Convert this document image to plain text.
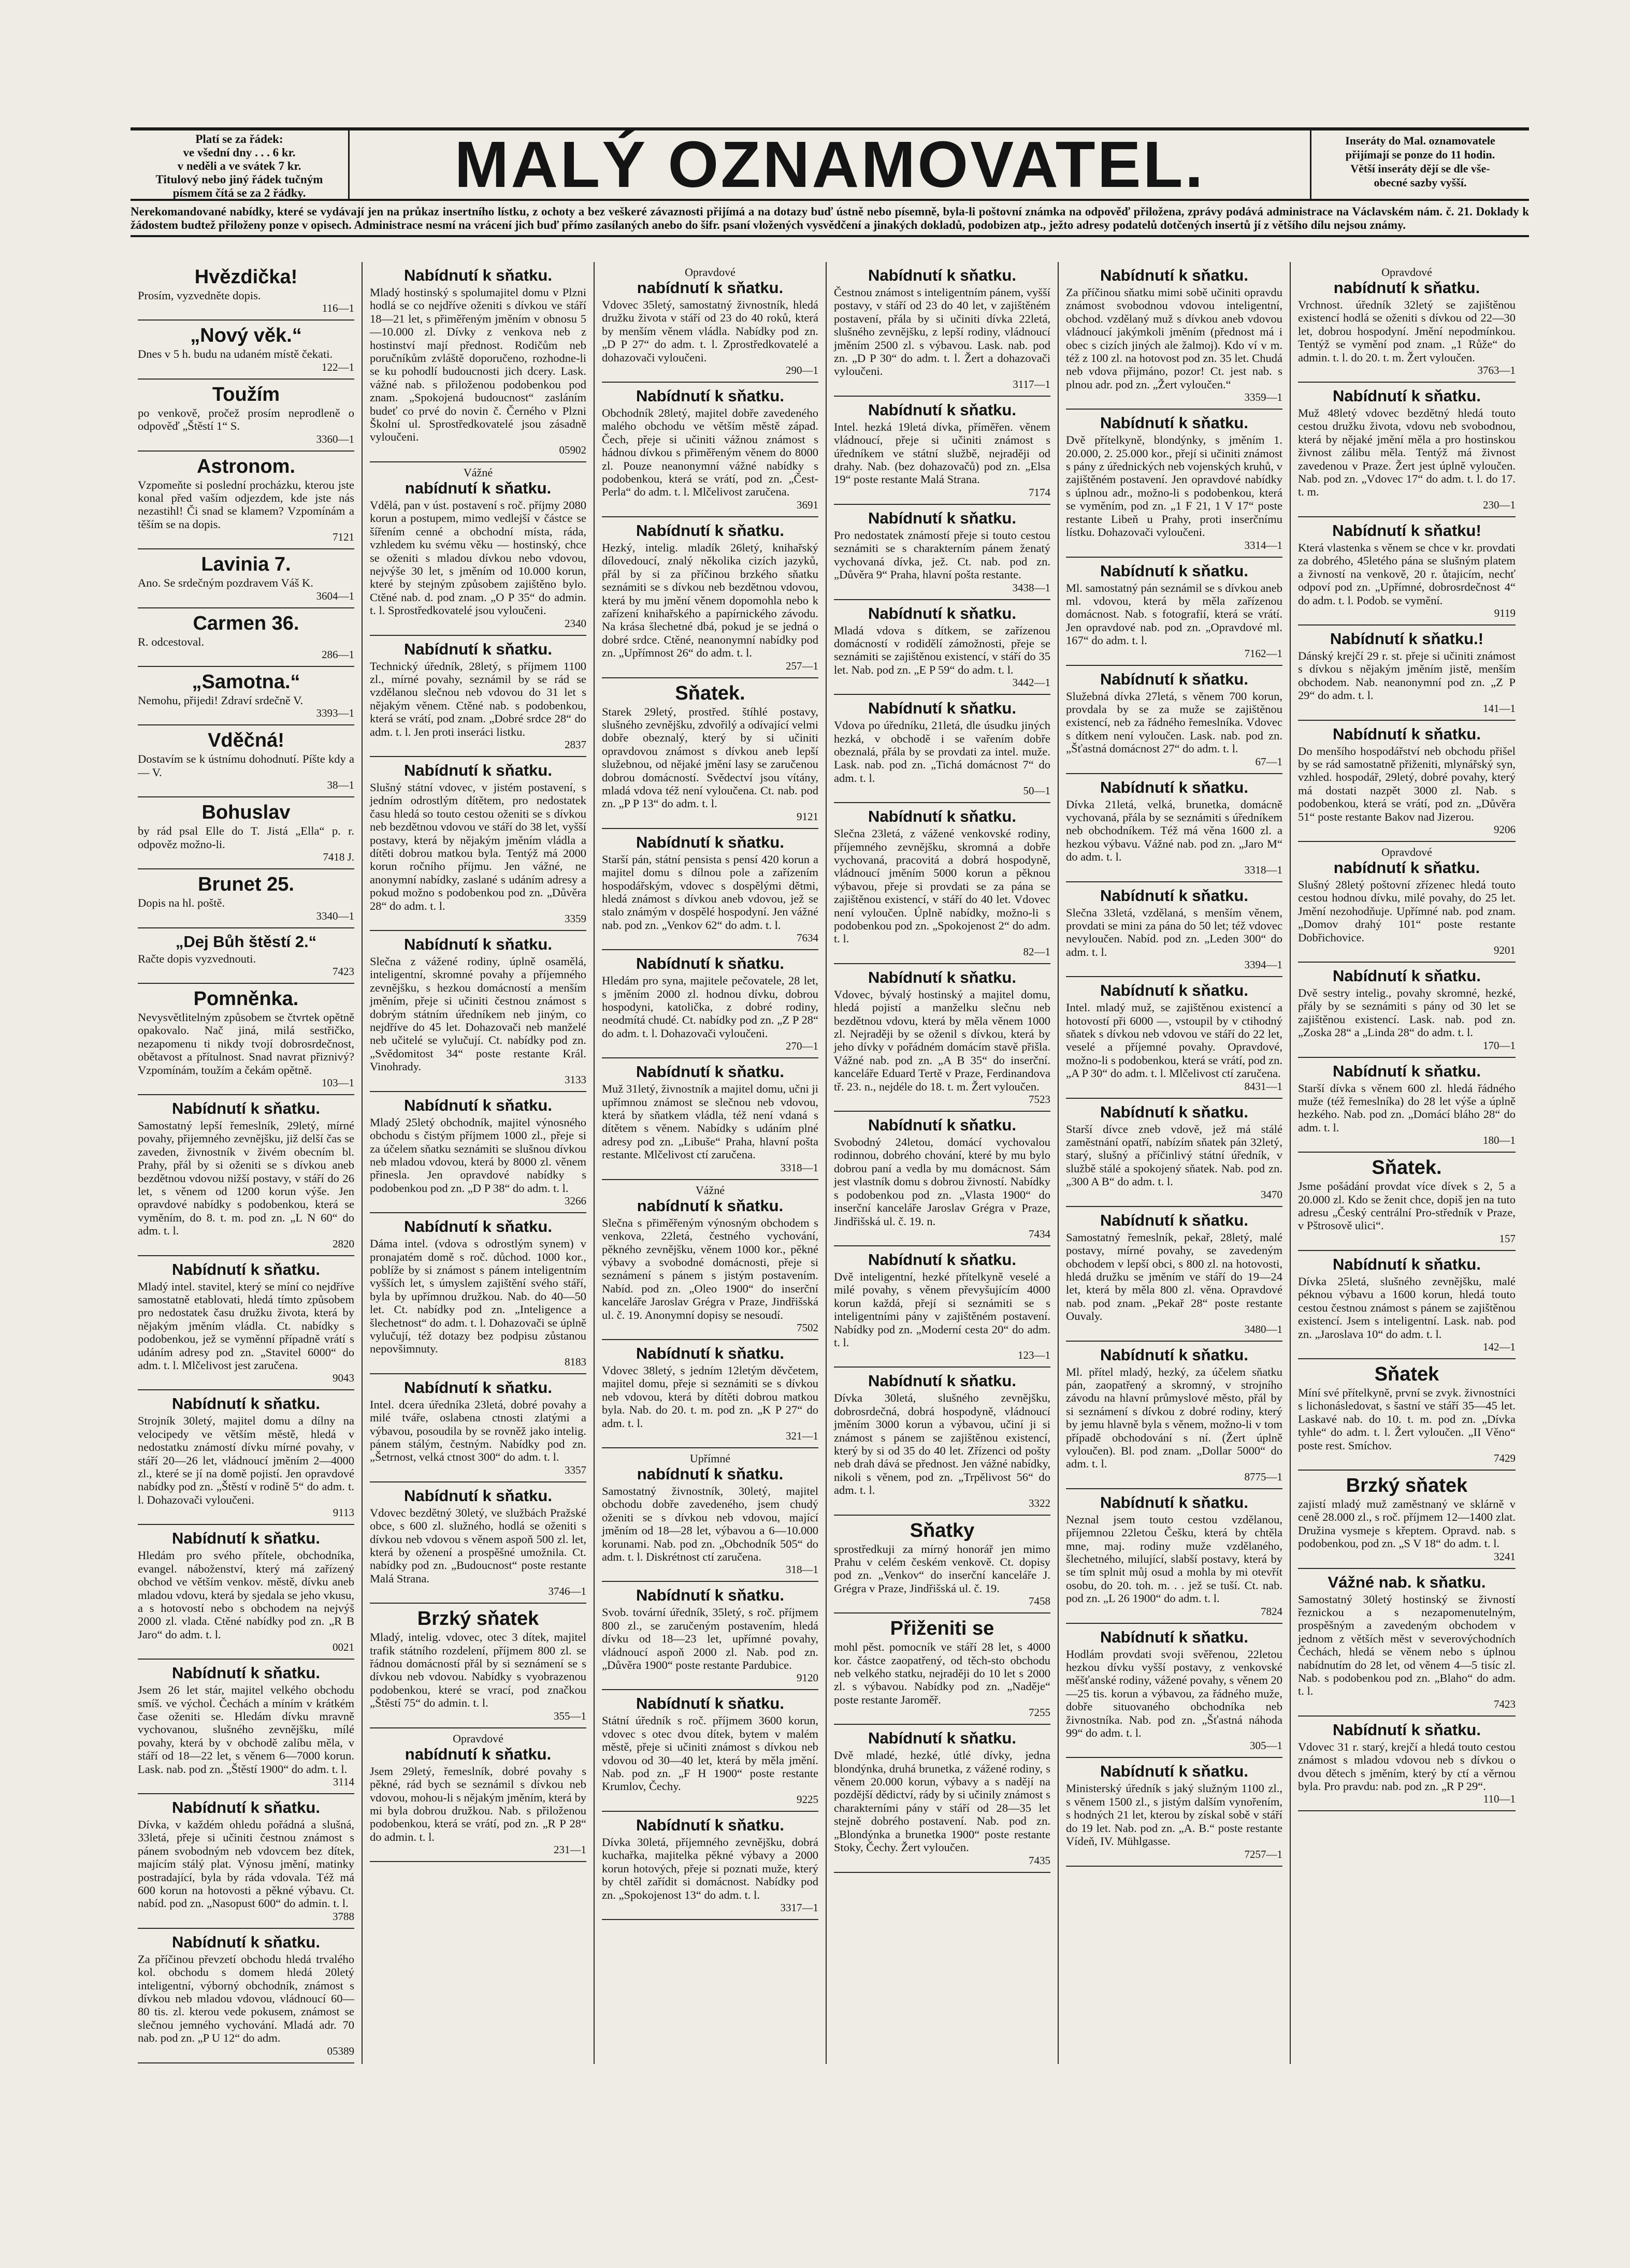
Platí se za řádek:
ve všední dny . . . 6 kr.
v neděli a ve svátek 7 kr.
Titulový nebo jiný řádek tučným
písmem čítá se za 2 řádky.	MALÝ OZNAMOVATEL.	Inseráty do Mal. oznamovatele
přijímají se ponze do 11 hodin.
Větší inseráty dějí se dle vše-
obecné sazby vyšší.
Nerekomandované nabídky, které se vydávají jen na průkaz insertního lístku, z ochoty a bez veškeré závaznosti přijímá a na dotazy buď ústně nebo písemně, byla-li poštovní známka na odpověď přiložena, zprávy podává administrace na Václavském nám. č. 21. Doklady k žádostem budtež přiloženy ponze v opisech. Administrace nesmí na vrácení jich buď přímo zasílaných anebo do šifr. psaní vložených vysvědčení a jinakých dokladů, podobizen atp., ježto adresy podatelů dotčených insertů jí z většího dílu nejsou známy.
Hvězdička!
Prosím, vyzvedněte dopis.
116—1
„Nový věk.“
Dnes v 5 h. budu na udaném místě čekati.
122—1
Toužím
po venkově, pročež prosím neprodleně o odpověď „Štěstí 1“ S.
3360—1
Astronom.
Vzpomeňte si poslední procházku, kterou jste konal před vaším odjezdem, kde jste nás nezastihl! Či snad se klamem? Vzpomínám a těším se na dopis.
7121
Lavinia 7.
Ano. Se srdečným pozdravem Váš K.
3604—1
Carmen 36.
R. odcestoval.
286—1
„Samotna.“
Nemohu, přijedi! Zdraví srdečně V.
3393—1
Vděčná!
Dostavím se k ústnímu dohodnutí. Píšte kdy a — V.
38—1
Bohuslav
by rád psal Elle do T. Jistá „Ella“ p. r. odpověz možno-li.
7418 J.
Brunet 25.
Dopis na hl. poště.
3340—1
„Dej Bůh štěstí 2.“
Račte dopis vyzvednouti.
7423
Pomněnka.
Nevysvětlitelným způsobem se čtvrtek opětně opakovalo. Nač jiná, milá sestřičko, nezapomenu ti nikdy tvojí dobrosrdečnost, obětavost a přítulnost. Snad navrat přiznivý? Vzpomínám, toužím a čekám opětně.
103—1
Nabídnutí k sňatku.
Samostatný lepší řemeslník, 29letý, mírné povahy, přijemného zevnějšku, již delší čas se zaveden, živnostník v živém obecním bl. Prahy, přál by si oženiti se s dívkou aneb bezdětnou vdovou nižší postavy, v stáří do 26 let, s věnem od 1200 korun výše. Jen opravdové nabídky s podobenkou, která se vyměním, do 8. t. m. pod zn. „L N 60“ do adm. t. l.
2820
Nabídnutí k sňatku.
Mladý intel. stavitel, který se míní co nejdříve samostatně etablovati, hledá tímto způsobem pro nedostatek času družku života, která by nějakým jměním vládla. Ct. nabídky s podobenkou, jež se vyměnní případně vrátí s udáním adresy pod zn. „Stavitel 6000“ do adm. t. l. Mlčelivost jest zaručena.
9043
Nabídnutí k sňatku.
Strojník 30letý, majitel domu a dílny na velocipedy ve větším městě, hledá v nedostatku známostí dívku mírné povahy, v stáří 20—26 let, vládnoucí jměním 2—4000 zl., které se jí na domě pojistí. Jen opravdové nabídky pod zn. „Štěstí v rodině 5“ do adm. t. l. Dohazovači vyloučeni.
9113
Nabídnutí k sňatku.
Hledám pro svého přítele, obchodníka, evangel. náboženství, který má zařízený obchod ve větším venkov. městě, dívku aneb mladou vdovu, která by sjedala se jeho vkusu, a s hotovostí nebo s obchodem na nejvýš 2000 zl. vlada. Ctěné nabídky pod zn. „R B Jaro“ do adm. t. l.
0021
Nabídnutí k sňatku.
Jsem 26 let stár, majitel velkého obchodu smíš. ve výchol. Čechách a míním v krátkém čase oženiti se. Hledám dívku mravně vychovanou, slušného zevnějšku, mílé povahy, která by v obchodě zalíbu měla, v stáří od 18—22 let, s věnem 6—7000 korun. Lask. nab. pod zn. „Štěstí 1900“ do adm. t. l.
3114
Nabídnutí k sňatku.
Dívka, v každém ohledu pořádná a slušná, 33letá, přeje si učiniti čestnou známost s pánem svobodným neb vdovcem bez dítek, majícím stálý plat. Výnosu jmění, matinky postradající, byla by ráda vdovala. Též má 600 korun na hotovosti a pěkné výbavu. Ct. nabíd. pod zn. „Nasopust 600“ do admin. t. l.
3788
Nabídnutí k sňatku.
Za příčinou převzetí obchodu hledá trvalého kol. obchodu s domem hledá 20letý inteligentní, výborný obchodník, známost s dívkou neb mladou vdovou, vládnoucí 60—80 tis. zl. kterou vede pokusem, známost se slečnou jemného vychování. Mladá adr. 70 nab. pod zn. „P U 12“ do adm.
05389
Nabídnutí k sňatku.
Mladý hostinský s spolumajitel domu v Plzni hodlá se co nejdříve oženiti s dívkou ve stáří 18—21 let, s přiměřeným jměním v obnosu 5—10.000 zl. Dívky z venkova neb z hostinství mají přednost. Rodičům neb poručníkům zvláště doporučeno, rozhodne-li se ku pohodlí budoucnosti jich dcery. Lask. vážné nab. s přiloženou podobenkou pod znam. „Spokojená budoucnost“ zasláním budeť co prvé do novin č. Černého v Plzni Školní ul. Sprostředkovatelé jsou zásadně vyloučeni.
05902
Vážné
nabídnutí k sňatku.
Vdělá, pan v úst. postavení s roč. příjmy 2080 korun a postupem, mimo vedlejší v částce se šířením cenné a obchodní místa, ráda, vzhledem ku svému věku — hostinský, chce se oženiti s mladou dívkou nebo vdovou, nejvýše 30 let, s jměním od 10.000 korun, které by stejným způsobem zajištěno bylo. Ctěné nab. d. pod znam. „O P 35“ do admin. t. l. Sprostředkovatelé jsou vyloučeni.
2340
Nabídnutí k sňatku.
Technický úředník, 28letý, s příjmem 1100 zl., mírné povahy, seznámil by se rád se vzdělanou slečnou neb vdovou do 31 let s nějakým věnem. Ctěné nab. s podobenkou, která se vrátí, pod znam. „Dobré srdce 28“ do adm. t. l. Jen proti inseráci listku.
2837
Nabídnutí k sňatku.
Slušný státní vdovec, v jistém postavení, s jedním odrostlým dítětem, pro nedostatek času hledá so touto cestou oženiti se s dívkou neb bezdětnou vdovou ve stáří do 38 let, vyšší postavy, která by nějakým jměním vládla a dítěti dobrou matkou byla. Tentýž má 2000 korun ročního příjmu. Jen vážné, ne anonymní nabídky, zaslané s udáním adresy a pokud možno s podobenkou pod zn. „Důvěra 28“ do adm. t. l.
3359
Nabídnutí k sňatku.
Slečna z vážené rodiny, úplně osamělá, inteligentní, skromné povahy a příjemného zevnějšku, s hezkou domácností a menším jměním, přeje si učiniti čestnou známost s dobrým státním úředníkem neb jiným, co nejdříve do 45 let. Dohazovači neb manželé neb učitelé se vylučují. Ct. nabídky pod zn. „Svědomitost 34“ poste restante Král. Vinohrady.
3133
Nabídnutí k sňatku.
Mladý 25letý obchodník, majitel výnosného obchodu s čistým příjmem 1000 zl., přeje si za účelem sňatku seznámiti se slušnou dívkou neb mladou vdovou, která by 8000 zl. věnem přinesla. Jen opravdové nabídky s podobenkou pod zn. „D P 38“ do adm. t. l.
3266
Nabídnutí k sňatku.
Dáma intel. (vdova s odrostlým synem) v pronajatém domě s roč. důchod. 1000 kor., poblíže by si známost s pánem inteligentním vyšších let, s úmyslem zajištění svého stáří, byla by upřímnou družkou. Nab. do 40—50 let. Ct. nabídky pod zn. „Inteligence a šlechetnost“ do adm. t. l. Dohazovači se úplně vylučují, též dotazy bez podpisu zůstanou nepovšimnuty.
8183
Nabídnutí k sňatku.
Intel. dcera úředníka 23letá, dobré povahy a milé tváře, oslabena ctnosti zlatými a výbavou, posoudila by se rovněž jako intelig. pánem stálým, čestným. Nabídky pod zn. „Šetrnost, velká ctnost 300“ do adm. t. l.
3357
Nabídnutí k sňatku.
Vdovec bezdětný 30letý, ve službách Pražské obce, s 600 zl. služného, hodlá se oženiti s dívkou neb vdovou s věnem aspoň 500 zl. let, která by oženení a prospěšné umožnila. Ct. nabídky pod zn. „Budoucnost“ poste restante Malá Strana.
3746—1
Brzký sňatek
Mladý, intelig. vdovec, otec 3 dítek, majitel trafik státního rozdelení, příjmem 800 zl. se řádnou domácností přál by si seznámení se s dívkou neb vdovou. Nabídky s vyobrazenou podobenkou, které se vrací, pod značkou „Štěstí 75“ do admin. t. l.
355—1
Opravdové
nabídnutí k sňatku.
Jsem 29letý, řemeslník, dobré povahy s pěkné, rád bych se seznámil s dívkou neb vdovou, mohou-li s nějakým jměním, která by mi byla dobrou družkou. Nab. s přiloženou podobenkou, která se vrátí, pod zn. „R P 28“ do admin. t. l.
231—1
Opravdové
nabídnutí k sňatku.
Vdovec 35letý, samostatný živnostník, hledá družku života v stáří od 23 do 40 roků, která by menším věnem vládla. Nabídky pod zn. „D P 27“ do adm. t. l. Zprostředkovatelé a dohazovači vyloučeni.
290—1
Nabídnutí k sňatku.
Obchodník 28letý, majitel dobře zavedeného malého obchodu ve větším městě západ. Čech, přeje si učiniti vážnou známost s hádnou dívkou s přiměřeným věnem do 8000 zl. Pouze neanonymní vážné nabídky s podobenkou, která se vrátí, pod zn. „Čest-Perla“ do adm. t. l. Mlčelivost zaručena.
3691
Nabídnutí k sňatku.
Hezký, intelig. mladík 26letý, knihařský dílovedoucí, znalý několika cizích jazyků, přál by si za příčinou brzkého sňatku seznámiti se s dívkou neb bezdětnou vdovou, která by mu jmění věnem dopomohla nebo k zařízení knihařského a papírnického závodu. Na krása šlechetné dbá, pokud je se jedná o dobré srdce. Ctěné, neanonymní nabídky pod zn. „Upřímnost 26“ do adm. t. l.
257—1
Sňatek.
Starek 29letý, prostřed. štíhlé postavy, slušného zevnějšku, zdvořilý a odívající velmi dobře obeznalý, který by si učiniti opravdovou známost s dívkou aneb lepší služebnou, od nějaké jmění lasy se zaručenou dobrou domácností. Svědectví jsou vítány, mladá vdova též není vyloučena. Ct. nab. pod zn. „P P 13“ do adm. t. l.
9121
Nabídnutí k sňatku.
Starší pán, státní pensista s pensí 420 korun a majitel domu s dílnou pole a zařízením hospodářským, vdovec s dospělými dětmi, hledá známost s dívkou aneb vdovou, jež se stalo známým v dospělé hospodyní. Jen vážné nab. pod zn. „Venkov 62“ do adm. t. l.
7634
Nabídnutí k sňatku.
Hledám pro syna, majitele pečovatele, 28 let, s jměním 2000 zl. hodnou dívku, dobrou hospodyni, katolička, z dobré rodiny, neodmítá chudé. Ct. nabídky pod zn. „Z P 28“ do adm. t. l. Dohazovači vyloučeni.
270—1
Nabídnutí k sňatku.
Muž 31letý, živnostník a majitel domu, učni ji upřímnou známost se slečnou neb vdovou, která by sňatkem vládla, též není vdaná s dítětem s věnem. Nabídky s udáním plné adresy pod zn. „Libuše“ Praha, hlavní pošta restante. Mlčelivost ctí zaručena.
3318—1
Vážné
nabídnutí k sňatku.
Slečna s přiměřeným výnosným obchodem s venkova, 22letá, čestného vychování, pěkného zevnějšku, věnem 1000 kor., pěkné výbavy a svobodné domácnosti, přeje si seznámení s pánem s jistým postavením. Nabíd. pod zn. „Oleo 1900“ do inserční kanceláře Jaroslav Grégra v Praze, Jindřišská ul. č. 19. Anonymní dopisy se nesoudí.
7502
Nabídnutí k sňatku.
Vdovec 38letý, s jedním 12letým děvčetem, majitel domu, přeje si seznámiti se s dívkou neb vdovou, která by dítěti dobrou matkou byla. Nab. do 20. t. m. pod zn. „K P 27“ do adm. t. l.
321—1
Upřímné
nabídnutí k sňatku.
Samostatný živnostník, 30letý, majitel obchodu dobře zavedeného, jsem chudý oženiti se s dívkou neb vdovou, mající jměním od 18—28 let, výbavou a 6—10.000 korunami. Nab. pod zn. „Obchodník 505“ do adm. t. l. Diskrétnost ctí zaručena.
318—1
Nabídnutí k sňatku.
Svob. tovární úředník, 35letý, s roč. příjmem 800 zl., se zaručeným postavením, hledá dívku od 18—23 let, upřímné povahy, vládnoucí aspoň 2000 zl. Nab. pod zn. „Důvěra 1900“ poste restante Pardubice.
9120
Nabídnutí k sňatku.
Státní úředník s roč. příjmem 3600 korun, vdovec s otec dvou dítek, bytem v malém městě, přeje si učiniti známost s dívkou neb vdovou od 30—40 let, která by měla jmění. Nab. pod zn. „F H 1900“ poste restante Krumlov, Čechy.
9225
Nabídnutí k sňatku.
Dívka 30letá, příjemného zevnějšku, dobrá kuchařka, majitelka pěkné výbavy a 2000 korun hotových, přeje si poznati muže, který by chtěl zařídit si domácnost. Nabídky pod zn. „Spokojenost 13“ do adm. t. l.
3317—1
Nabídnutí k sňatku.
Čestnou známost s inteligentním pánem, vyšší postavy, v stáří od 23 do 40 let, v zajištěném postavení, přála by si učiniti dívka 22letá, slušného zevnějšku, z lepší rodiny, vládnoucí jměním 2500 zl. s výbavou. Lask. nab. pod zn. „D P 30“ do adm. t. l. Žert a dohazovači vyloučeni.
3117—1
Nabídnutí k sňatku.
Intel. hezká 19letá dívka, příměřen. věnem vládnoucí, přeje si učiniti známost s úředníkem ve státní službě, nejraději od drahy. Nab. (bez dohazovačů) pod zn. „Elsa 19“ poste restante Malá Strana.
7174
Nabídnutí k sňatku.
Pro nedostatek známostí přeje si touto cestou seznámiti se s charakterním pánem ženatý vychovaná dívka, jež. Ct. nab. pod zn. „Důvěra 9“ Praha, hlavní pošta restante.
3438—1
Nabídnutí k sňatku.
Mladá vdova s dítkem, se zařízenou domácností v rodidělí zámožnosti, přeje se seznámiti se zajištěnou existencí, v stáří do 35 let. Nab. pod zn. „E P 59“ do adm. t. l.
3442—1
Nabídnutí k sňatku.
Vdova po úředníku, 21letá, dle úsudku jiných hezká, v obchodě i se vařením dobře obeznalá, přála by se provdati za intel. muže. Lask. nab. pod zn. „Tichá domácnost 7“ do adm. t. l.
50—1
Nabídnutí k sňatku.
Slečna 23letá, z vážené venkovské rodiny, příjemného zevnějšku, skromná a dobře vychovaná, pracovitá a dobrá hospodyně, vládnoucí jměním 5000 korun a pěknou výbavou, přeje si provdati se za pána se zajištěnou existencí, v stáří do 40 let. Vdovec není vyloučen. Úplně nabídky, možno-li s podobenkou pod zn. „Spokojenost 2“ do adm. t. l.
82—1
Nabídnutí k sňatku.
Vdovec, bývalý hostinský a majitel domu, hledá pojistí a manželku slečnu neb bezdětnou vdovu, která by měla věnem 1000 zl. Nejraději by se oženil s dívkou, která by jeho dívky v pořádném domácím stavě přišla. Vážné nab. pod zn. „A B 35“ do inserční. kanceláře Eduard Tertě v Praze, Ferdinandova tř. 23. n., nejdéle do 18. t. m. Žert vyloučen.
7523
Nabídnutí k sňatku.
Svobodný 24letou, domácí vychovalou rodinnou, dobrého chování, které by mu bylo dobrou paní a vedla by mu domácnost. Sám jest vlastník domu s dobrou živností. Nabídky s podobenkou pod zn. „Vlasta 1900“ do inserční kanceláře Jaroslav Grégra v Praze, Jindřišská ul. č. 19. n.
7434
Nabídnutí k sňatku.
Dvě inteligentní, hezké přítelkyně veselé a milé povahy, s věnem převyšujícím 4000 korun každá, přejí si seznámiti se s inteligentními pány v zajištěném postavení. Nabídky pod zn. „Moderní cesta 20“ do adm. t. l.
123—1
Nabídnutí k sňatku.
Dívka 30letá, slušného zevnějšku, dobrosrdečná, dobrá hospodyně, vládnoucí jměním 3000 korun a výbavou, učiní ji si známost s pánem se zajištěnou existencí, který by si od 35 do 40 let. Zřízenci od pošty neb drah dává se přednost. Jen vážné nabídky, nikoli s věnem, pod zn. „Trpělivost 56“ do adm. t. l.
3322
Sňatky
sprostředkuji za mírný honorář jen mimo Prahu v celém českém venkově. Ct. dopisy pod zn. „Venkov“ do inserční kanceláře J. Grégra v Praze, Jindřišská ul. č. 19.
7458
Přiženiti se
mohl pěst. pomocník ve stáří 28 let, s 4000 kor. částce zaopatřený, od těch-sto obchodu neb velkého statku, nejraději do 10 let s 2000 zl. s výbavou. Nabídky pod zn. „Naděje“ poste restante Jaroměř.
7255
Nabídnutí k sňatku.
Dvě mladé, hezké, útlé dívky, jedna blondýnka, druhá brunetka, z vážené rodiny, s věnem 20.000 korun, výbavy a s nadějí na pozdější dědictví, rády by si učinily známost s charakterními pány v stáří od 28—35 let stejně dobrého postavení. Nab. pod zn. „Blondýnka a brunetka 1900“ poste restante Stoky, Čechy. Žert vyloučen.
7435
Nabídnutí k sňatku.
Za příčinou sňatku mimi sobě učiniti opravdu známost svobodnou vdovou inteligentní, obchod. vzdělaný muž s dívkou aneb vdovou vládnoucí jakýmkoli jměním (přednost má i obec s cizích jiných ale žalmoj). Kdo ví v m. též z 100 zl. na hotovost pod zn. 35 let. Chudá neb vdova přijmáno, pozor! Ct. jest nab. s plnou adr. pod zn. „Žert vyloučen.“
3359—1
Nabídnutí k sňatku.
Dvě přítelkyně, blondýnky, s jměním 1. 20.000, 2. 25.000 kor., přejí si učiniti známost s pány z úřednických neb vojenských kruhů, v zajištěném postavení. Jen opravdové nabídky s úplnou adr., možno-li s podobenkou, která se vyměním, pod zn. „1 F 21, 1 V 17“ poste restante Libeň u Prahy, proti inserčnímu lístku. Dohazovači vyloučeni.
3314—1
Nabídnutí k sňatku.
Ml. samostatný pán seznámil se s dívkou aneb ml. vdovou, která by měla zařízenou domácnost. Nab. s fotografií, která se vrátí. Jen opravdové nab. pod zn. „Opravdové ml. 167“ do adm. t. l.
7162—1
Nabídnutí k sňatku.
Služebná dívka 27letá, s věnem 700 korun, provdala by se za muže se zajištěnou existencí, neb za řádného řemeslníka. Vdovec s dítkem není vyloučen. Lask. nab. pod zn. „Šťastná domácnost 27“ do adm. t. l.
67—1
Nabídnutí k sňatku.
Dívka 21letá, velká, brunetka, domácně vychovaná, přála by se seznámiti s úředníkem neb obchodníkem. Též má věna 1600 zl. a hezkou výbavu. Vážné nab. pod zn. „Jaro M“ do adm. t. l.
3318—1
Nabídnutí k sňatku.
Slečna 33letá, vzdělaná, s menším věnem, provdati se mini za pána do 50 let; též vdovec nevyloučen. Nabíd. pod zn. „Leden 300“ do adm. t. l.
3394—1
Nabídnutí k sňatku.
Intel. mladý muž, se zajištěnou existencí a hotovostí při 6000 —, vstoupil by v ctihodný sňatek s dívkou neb vdovou ve stáří do 22 let, veselé a příjemné povahy. Opravdové, možno-li s podobenkou, která se vrátí, pod zn. „A P 30“ do adm. t. l. Mlčelivost ctí zaručena.
8431—1
Nabídnutí k sňatku.
Starší dívce zneb vdově, jež má stálé zaměstnání opatří, nabízím sňatek pán 32letý, starý, slušný a příčinlivý státní úředník, v službě stálé a spokojený sňatek. Nab. pod zn. „300 A B“ do adm. t. l.
3470
Nabídnutí k sňatku.
Samostatný řemeslník, pekař, 28letý, malé postavy, mírné povahy, se zavedeným obchodem v lepší obci, s 800 zl. na hotovosti, hledá družku se jměním ve stáří do 19—24 let, která by měla 800 zl. věna. Opravdové nab. pod znam. „Pekař 28“ poste restante Ouvaly.
3480—1
Nabídnutí k sňatku.
Ml. přítel mladý, hezký, za účelem sňatku pán, zaopatřený a skromný, v strojního závodu na hlavní průmyslové město, přál by si seznámení s dívkou z dobré rodiny, který by jemu hlavně byla s věnem, možno-li v tom případě obchodování s ní. (Žert úplně vyloučen). Bl. pod znam. „Dollar 5000“ do adm. t. l.
8775—1
Nabídnutí k sňatku.
Neznal jsem touto cestou vzdělanou, příjemnou 22letou Češku, která by chtěla mne, maj. rodiny muže vzdělaného, šlechetného, milující, slabší postavy, která by se tím splnit můj osud a mohla by mi otevřít osobu, do 20. toh. m. . . jež se tuší. Ct. nab. pod zn. „L 26 1900“ do adm. t. l.
7824
Nabídnutí k sňatku.
Hodlám provdati svoji svěřenou, 22letou hezkou dívku vyšší postavy, z venkovské měšťanské rodiny, vážené povahy, s věnem 20—25 tis. korun a výbavou, za řádného muže, dobře situovaného obchodníka neb živnostníka. Nab. pod zn. „Šťastná náhoda 99“ do adm. t. l.
305—1
Nabídnutí k sňatku.
Ministerský úředník s jaký služným 1100 zl., s věnem 1500 zl., s jistým dalším vynořením, s hodných 21 let, kterou by získal sobě v stáří do 19 let. Nab. pod zn. „A. B.“ poste restante Vídeň, IV. Mühlgasse.
7257—1
Opravdové
nabídnutí k sňatku.
Vrchnost. úředník 32letý se zajištěnou existencí hodlá se oženiti s dívkou od 22—30 let, dobrou hospodyní. Jmění nepodmínkou. Tentýž se vymění pod znam. „1 Růže“ do admin. t. l. do 20. t. m. Žert vyloučen.
3763—1
Nabídnutí k sňatku.
Muž 48letý vdovec bezdětný hledá touto cestou družku života, vdovu neb svobodnou, která by nějaké jmění měla a pro hostinskou živnost zálibu měla. Tentýž má živnost zavedenou v Praze. Žert jest úplně vyloučen. Nab. pod zn. „Vdovec 17“ do adm. t. l. do 17. t. m.
230—1
Nabídnutí k sňatku!
Která vlastenka s věnem se chce v kr. provdati za dobrého, 45letého pána se slušným platem a živností na venkově, 20 r. ůtajicím, nechť odpoví pod zn. „Upřímné, dobrosrdečnost 4“ do adm. t. l. Podob. se vymění.
9119
Nabídnutí k sňatku.!
Dánský krejčí 29 r. st. přeje si učiniti známost s dívkou s nějakým jměním jistě, menším obchodem. Nab. neanonymní pod zn. „Z P 29“ do adm. t. l.
141—1
Nabídnutí k sňatku.
Do menšího hospodářství neb obchodu přišel by se rád samostatně přiženiti, mlynářský syn, vzhled. hospodář, 29letý, dobré povahy, který má dostati nazpět 3000 zl. Nab. s podobenkou, která se vrátí, pod zn. „Důvěra 51“ poste restante Bakov nad Jizerou.
9206
Opravdové
nabídnutí k sňatku.
Slušný 28letý poštovní zřízenec hledá touto cestou hodnou dívku, milé povahy, do 25 let. Jmění nezohodňuje. Upřímné nab. pod znam. „Domov drahý 101“ poste restante Dobřichovice.
9201
Nabídnutí k sňatku.
Dvě sestry intelig., povahy skromné, hezké, přály by se seznámiti s pány od 30 let se zajištěnou existencí. Lask. nab. pod zn. „Zoska 28“ a „Linda 28“ do adm. t. l.
170—1
Nabídnutí k sňatku.
Starší dívka s věnem 600 zl. hledá řádného muže (též řemeslníka) do 28 let výše a úplně hezkého. Nab. pod zn. „Domácí bláho 28“ do adm. t. l.
180—1
Sňatek.
Jsme pošádání provdat více dívek s 2, 5 a 20.000 zl. Kdo se ženit chce, dopiš jen na tuto adresu „Český centrální Pro-středník v Praze, v Pštrosově ulici“.
157
Nabídnutí k sňatku.
Dívka 25letá, slušného zevnějšku, malé péknou výbavu a 1600 korun, hledá touto cestou čestnou známost s pánem se zajištěnou existencí. Jsem s inteligentní. Lask. nab. pod zn. „Jaroslava 10“ do adm. t. l.
142—1
Sňatek
Míní své přítelkyně, první se zvyk. živnostníci s lichonásledovat, s šastní ve stáří 35—45 let. Laskavé nab. do 10. t. m. pod zn. „Dívka tyhle“ do adm. t. l. Žert vyloučen. „II Věno“ poste rest. Smíchov.
7429
Brzký sňatek
zajistí mladý muž zaměstnaný ve sklárně v ceně 28.000 zl., s roč. příjmem 12—1400 zlat. Družina vysmeje s křeptem. Opravd. nab. s podobenkou, pod zn. „S V 18“ do adm. t. l.
3241
Vážné nab. k sňatku.
Samostatný 30letý hostinský se živností řeznickou a s nezapomenutelným, prospěšným a zavedeným obchodem v jednom z větších měst v severovýchodních Čechách, hledá se věnem nebo s úplnou nabídnutím do 28 let, od věnem 4—5 tisíc zl. Nab. s podobenkou pod zn. „Blaho“ do adm. t. l.
7423
Nabídnutí k sňatku.
Vdovec 31 r. starý, krejčí a hledá touto cestou známost s mladou vdovou neb s dívkou o dvou dětech s jměním, který by ctí a věrnou byla. Pro pravdu: nab. pod zn. „R P 29“.
110—1
